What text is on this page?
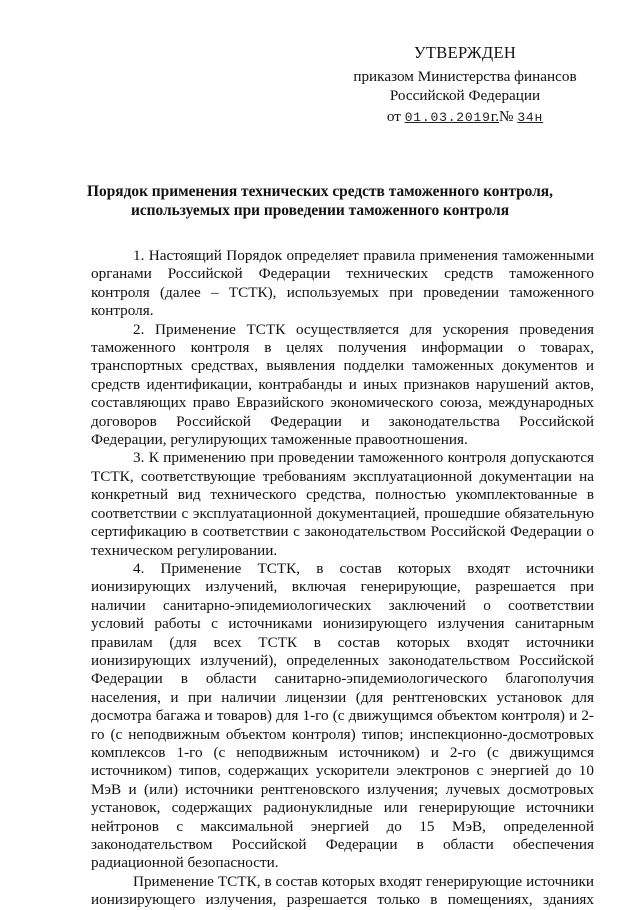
УТВЕРЖДЕН
приказом Министерства финансов
Российской Федерации
от 01.03.2019г.№ 34н
Порядок применения технических средств таможенного контроля,
используемых при проведении таможенного контроля

1. Настоящий Порядок определяет правила применения таможенными органами Российской Федерации технических средств таможенного контроля (далее – ТСТК), используемых при проведении таможенного контроля.

2. Применение ТСТК осуществляется для ускорения проведения таможенного контроля в целях получения информации о товарах, транспортных средствах, выявления подделки таможенных документов и средств идентификации, контрабанды и иных признаков нарушений актов, составляющих право Евразийского экономического союза, международных договоров Российской Федерации и законодательства Российской Федерации, регулирующих таможенные правоотношения.

3. К применению при проведении таможенного контроля допускаются ТСТК, соответствующие требованиям эксплуатационной документации на конкретный вид технического средства, полностью укомплектованные в соответствии с эксплуатационной документацией, прошедшие обязательную сертификацию в соответствии с законодательством Российской Федерации о техническом регулировании.

4. Применение ТСТК, в состав которых входят источники ионизирующих излучений, включая генерирующие, разрешается при наличии санитарно-эпидемиологических заключений о соответствии условий работы с источниками ионизирующего излучения санитарным правилам (для всех ТСТК в состав которых входят источники ионизирующих излучений), определенных законодательством Российской Федерации в области санитарно-эпидемиологического благополучия населения, и при наличии лицензии (для рентгеновских установок для досмотра багажа и товаров) для 1-го (с движущимся объектом контроля) и 2-го (с неподвижным объектом контроля) типов; инспекционно-досмотровых комплексов 1-го (с неподвижным источником) и 2-го (с движущимся источником) типов, содержащих ускорители электронов с энергией до 10 МэВ и (или) источники рентгеновского излучения; лучевых досмотровых установок, содержащих радионуклидные или генерирующие источники нейтронов с максимальной энергией до 15 МэВ, определенной законодательством Российской Федерации в области обеспечения радиационной безопасности.

Применение ТСТК, в состав которых входят генерирующие источники ионизирующего излучения, разрешается только в помещениях, зданиях
